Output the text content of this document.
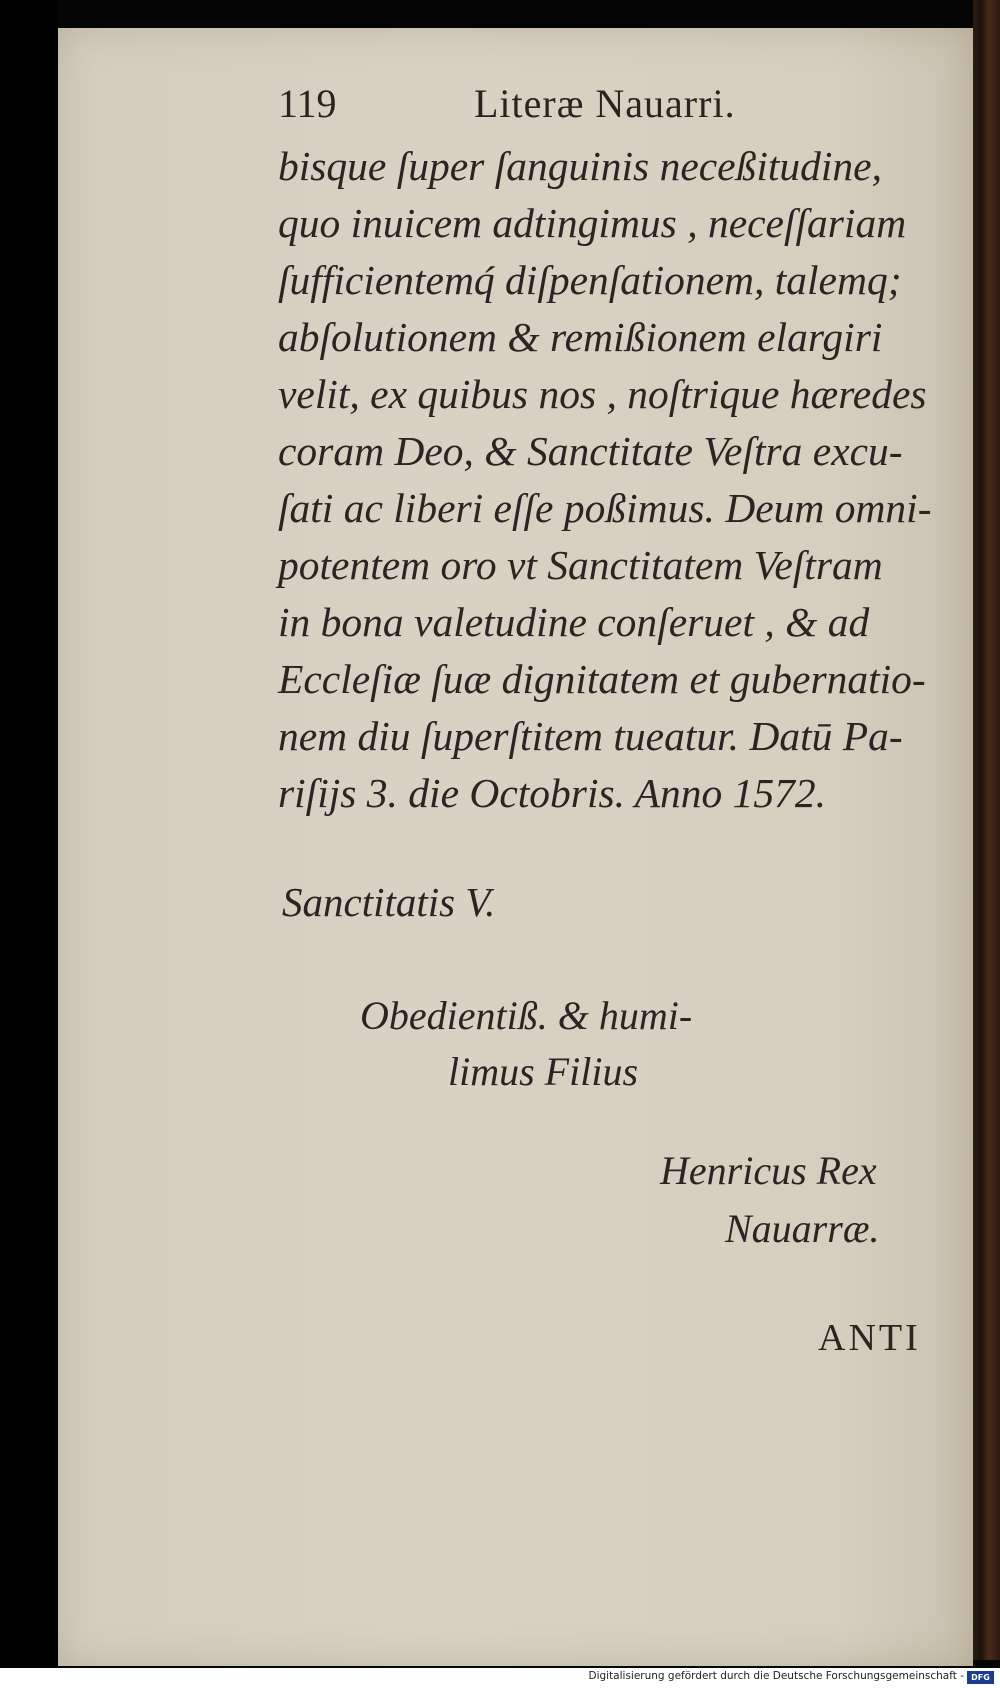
119	Literæ Nauarri.
bisque ſuper ſanguinis neceßitudine,
quo inuicem adtingimus , neceſſariam
ſufficientemq́ diſpenſationem, talemq;
abſolutionem & remißionem elargiri
velit, ex quibus nos , noſtrique hæredes
coram Deo, & Sanctitate Veſtra excu-
ſati ac liberi eſſe poßimus. Deum omni-
potentem oro vt Sanctitatem Veſtram
in bona valetudine conſeruet , & ad
Eccleſiæ ſuæ dignitatem et gubernatio-
nem diu ſuperſtitem tueatur. Datū Pa-
riſijs 3. die Octobris. Anno 1572.
Sanctitatis V.
Obedientiß. & humi-
limus Filius
Henricus Rex
Nauarræ.
ANTI
Digitalisierung gefördert durch die Deutsche Forschungsgemeinschaft - DFG
